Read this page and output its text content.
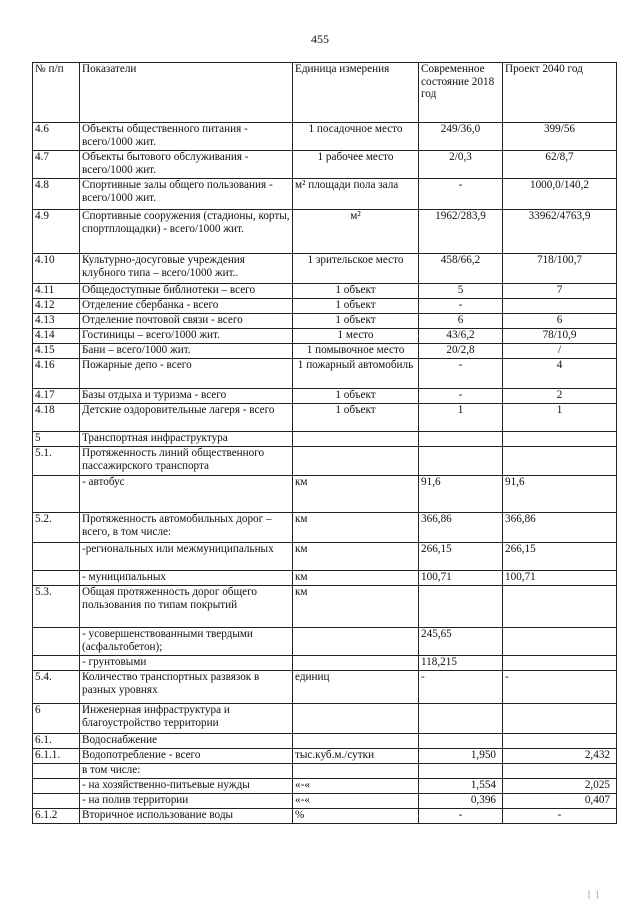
455
№ п/п	Показатели	Единица измерения	Современное состояние 2018 год	Проект 2040 год
4.6	Объекты общественного питания - всего/1000 жит.	1 посадочное место	249/36,0	399/56
4.7	Объекты бытового обслуживания - всего/1000 жит.	1 рабочее место	2/0,3	62/8,7
4.8	Спортивные залы общего пользования - всего/1000 жит.	м² площади пола зала	-	1000,0/140,2
4.9	Спортивные сооружения (стадионы, корты, спортплощадки) - всего/1000 жит.	м²	1962/283,9	33962/4763,9
4.10	Культурно-досуговые учреждения клубного типа – всего/1000 жит..	1 зрительское место	458/66,2	718/100,7
4.11	Общедоступные библиотеки – всего	1 объект	5	7
4.12	Отделение сбербанка - всего	1 объект	-	
4.13	Отделение почтовой связи - всего	1 объект	6	6
4.14	Гостиницы – всего/1000 жит.	1 место	43/6,2	78/10,9
4.15	Бани – всего/1000 жит.	1 помывочное место	20/2,8	/
4.16	Пожарные депо - всего	1 пожарный автомобиль	-	4
4.17	Базы отдыха и туризма - всего	1 объект	-	2
4.18	Детские оздоровительные лагеря - всего	1 объект	1	1
5	Транспортная инфраструктура			
5.1.	Протяженность линий общественного пассажирского транспорта			
	- автобус	км	91,6	91,6
5.2.	Протяженность автомобильных дорог – всего, в том числе:	км	366,86	366,86
	-региональных или межмуниципальных	км	266,15	266,15
	- муниципальных	км	100,71	100,71
5.3.	Общая протяженность дорог общего пользования по типам покрытий	км		
	- усовершенствованными твердыми (асфальтобетон);		245,65	
	- грунтовыми		118,215	
5.4.	Количество транспортных развязок в разных уровнях	единиц	-	-
6	Инженерная инфраструктура и благоустройство территории			
6.1.	Водоснабжение			
6.1.1.	Водопотребление - всего	тыс.куб.м./сутки	1,950	2,432
	в том числе:			
	- на хозяйственно-питьевые нужды	«-«	1,554	2,025
	- на полив территории	«-«	0,396	0,407
6.1.2	Вторичное использование воды	%	-	-
| |
